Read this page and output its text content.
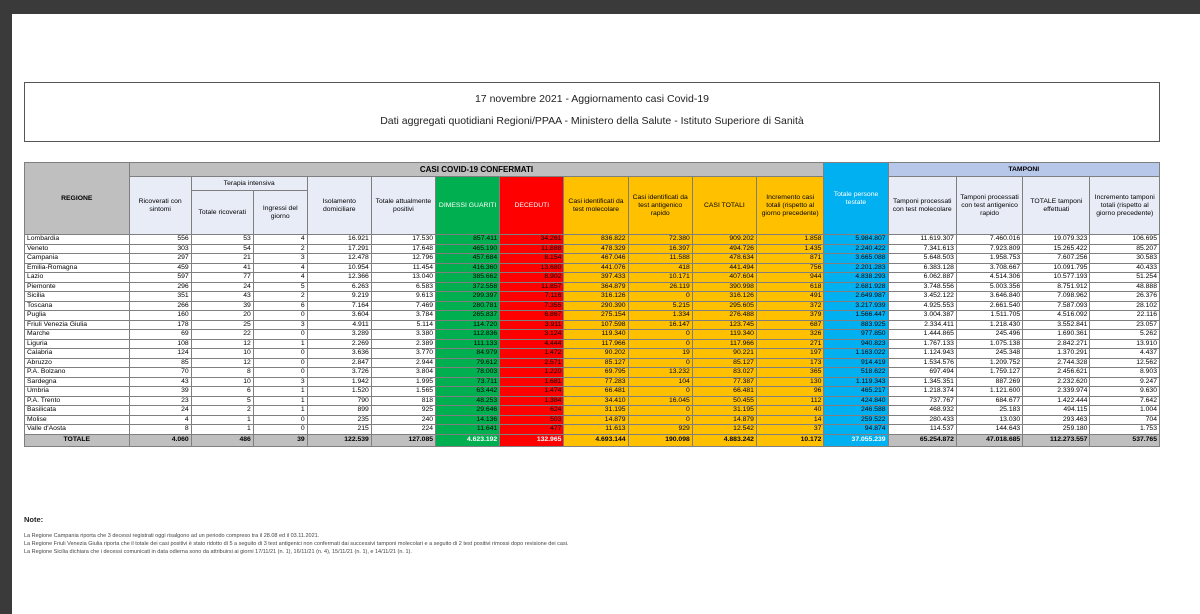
17 novembre 2021 - Aggiornamento casi Covid-19
Dati aggregati quotidiani Regioni/PPAA - Ministero della Salute - Istituto Superiore di Sanità
REGIONE	CASI COVID-19 CONFERMATI											Totale persone testate	TAMPONI			
	Ricoverati con sintomi	Terapia intensiva		Isolamento domiciliare	Totale attualmente positivi	DIMESSI GUARITI	DECEDUTI	Casi identificati da test molecolare	Casi identificati da test antigenico rapido	CASI TOTALI	Incremento casi totali (rispetto al giorno precedente)		Tamponi processati con test molecolare	Tamponi processati con test antigenico rapido	TOTALE tamponi effettuati	Incremento tamponi totali (rispetto al giorno precedente)
		Totale ricoverati	Ingressi del giorno													
Lombardia	556	53	4	16.921	17.530	857.411	34.261	836.822	72.380	909.202	1.858	5.984.807	11.619.307	7.460.016	19.079.323	106.695
Veneto	303	54	2	17.291	17.648	465.190	11.888	478.329	16.397	494.726	1.435	2.240.422	7.341.613	7.923.809	15.265.422	85.207
Campania	297	21	3	12.478	12.796	457.684	8.154	467.046	11.588	478.634	871	3.665.088	5.648.503	1.958.753	7.607.256	30.583
Emilia-Romagna	459	41	4	10.954	11.454	416.360	13.680	441.076	418	441.494	756	2.201.283	6.383.128	3.708.667	10.091.795	40.433
Lazio	597	77	4	12.366	13.040	385.662	8.902	397.433	10.171	407.604	944	4.838.293	6.062.887	4.514.306	10.577.193	51.254
Piemonte	296	24	5	6.263	6.583	372.558	11.857	364.879	26.119	390.998	618	2.681.928	3.748.556	5.003.356	8.751.912	48.888
Sicilia	351	43	2	9.219	9.613	299.397	7.116	316.126	0	316.126	491	2.649.987	3.452.122	3.646.840	7.098.962	26.376
Toscana	266	39	6	7.164	7.469	280.781	7.355	290.390	5.215	295.605	372	3.217.939	4.925.553	2.661.540	7.587.093	28.102
Puglia	160	20	0	3.604	3.784	265.837	6.867	275.154	1.334	276.488	379	1.566.447	3.004.387	1.511.705	4.516.092	22.116
Friuli Venezia Giulia	178	25	3	4.911	5.114	114.720	3.911	107.598	16.147	123.745	687	883.925	2.334.411	1.218.430	3.552.841	23.057
Marche	69	22	0	3.289	3.380	112.836	3.124	119.340	0	119.340	326	977.850	1.444.865	245.496	1.690.361	5.262
Liguria	108	12	1	2.269	2.389	111.133	4.444	117.966	0	117.966	271	940.823	1.767.133	1.075.138	2.842.271	13.910
Calabria	124	10	0	3.636	3.770	84.979	1.472	90.202	19	90.221	197	1.163.022	1.124.943	245.348	1.370.291	4.437
Abruzzo	85	12	0	2.847	2.944	79.612	2.571	85.127	0	85.127	173	914.419	1.534.576	1.209.752	2.744.328	12.562
P.A. Bolzano	70	8	0	3.726	3.804	78.003	1.220	69.795	13.232	83.027	365	518.622	697.494	1.759.127	2.456.621	8.903
Sardegna	43	10	3	1.942	1.995	73.711	1.681	77.283	104	77.387	130	1.119.343	1.345.351	887.269	2.232.620	9.247
Umbria	39	6	1	1.520	1.565	63.442	1.474	66.481	0	66.481	96	465.217	1.218.374	1.121.600	2.339.974	9.630
P.A. Trento	23	5	1	790	818	48.253	1.384	34.410	16.045	50.455	112	424.840	737.767	684.677	1.422.444	7.642
Basilicata	24	2	1	899	925	29.646	624	31.195	0	31.195	40	246.588	468.932	25.183	494.115	1.004
Molise	4	1	0	235	240	14.136	503	14.879	0	14.879	14	259.522	280.433	13.030	293.463	704
Valle d'Aosta	8	1	0	215	224	11.641	477	11.613	929	12.542	37	94.874	114.537	144.643	259.180	1.753
TOTALE	4.060	486	39	122.539	127.085	4.623.192	132.965	4.693.144	190.098	4.883.242	10.172	37.055.239	65.254.872	47.018.685	112.273.557	537.765
Note:
La Regione Campania riporta che 3 decessi registrati oggi risalgono ad un periodo compreso tra il 28.08 ed il 03.11.2021.
La Regione Friuli Venezia Giulia riporta che il totale dei casi positivi è stato ridotto di 5 a seguito di 3 test antigenici non confermati dai successivi tamponi molecolari e a seguito di 2 test positivi rimossi dopo revisione dei casi.
La Regione Sicilia dichiara che i decessi comunicati in data odierna sono da attribuirsi ai giorni 17/11/21 (n. 1), 16/11/21 (n. 4), 15/11/21 (n. 1), e 14/11/21 (n. 1).
